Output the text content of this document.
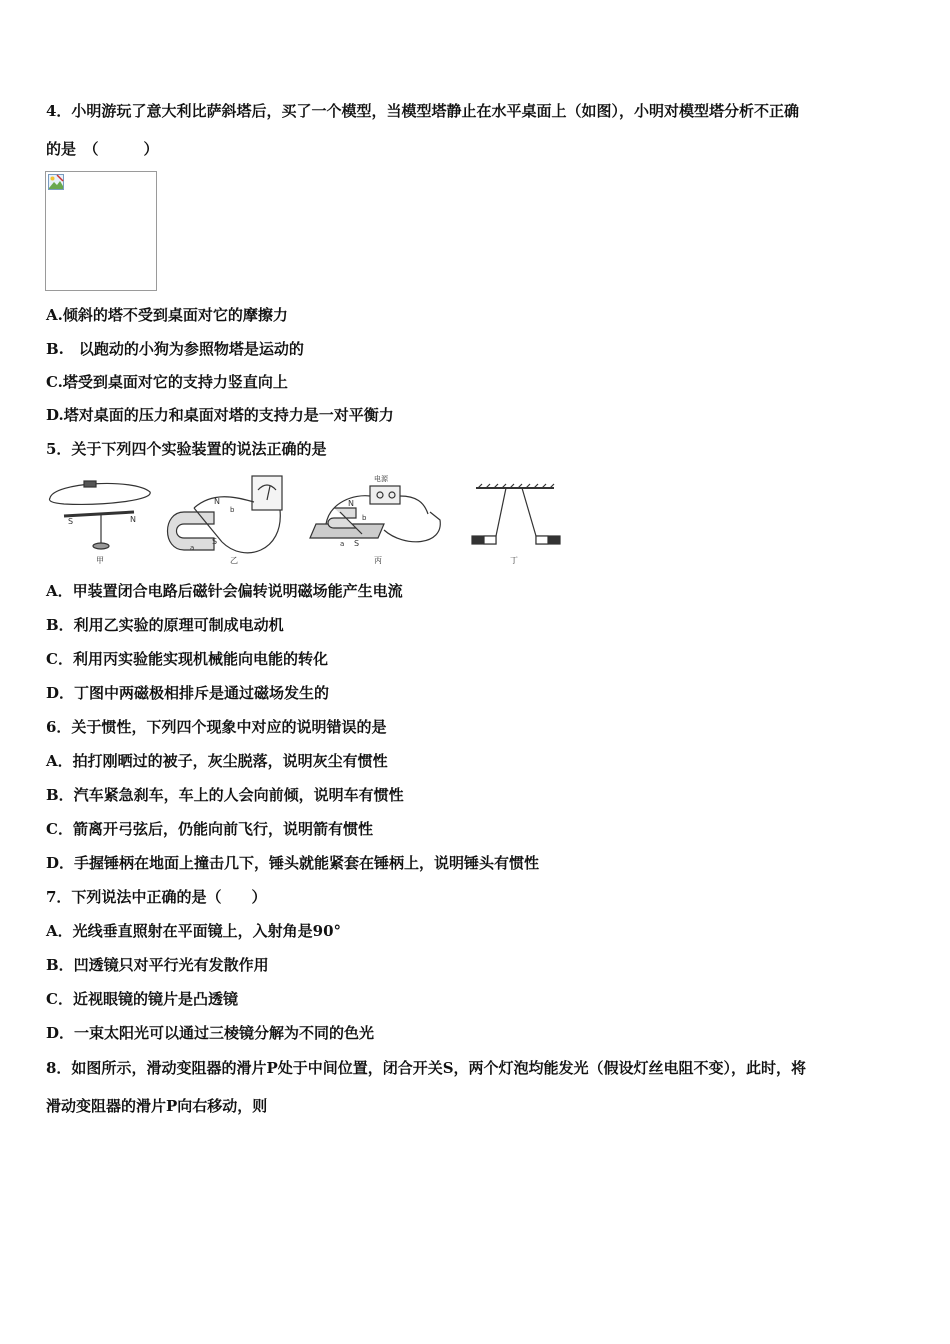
4．小明游玩了意大利比萨斜塔后，买了一个模型，当模型塔静止在水平桌面上（如图），小明对模型塔分析不正确
的是　（　　　）
A.倾斜的塔不受到桌面对它的摩擦力
B.　以跑动的小狗为参照物塔是运动的
C.塔受到桌面对它的支持力竖直向上
D.塔对桌面的压力和桌面对塔的支持力是一对平衡力
5．关于下列四个实验装置的说法正确的是
S	N
甲
N
S
b
a
乙
电源
N
S
b
a
丙	丁
A．甲装置闭合电路后磁针会偏转说明磁场能产生电流
B．利用乙实验的原理可制成电动机
C．利用丙实验能实现机械能向电能的转化
D．丁图中两磁极相排斥是通过磁场发生的
6．关于惯性，下列四个现象中对应的说明错误的是
A．拍打刚晒过的被子，灰尘脱落，说明灰尘有惯性
B．汽车紧急刹车，车上的人会向前倾，说明车有惯性
C．箭离开弓弦后，仍能向前飞行，说明箭有惯性
D．手握锤柄在地面上撞击几下，锤头就能紧套在锤柄上，说明锤头有惯性
7．下列说法中正确的是（　　）
A．光线垂直照射在平面镜上，入射角是90°
B．凹透镜只对平行光有发散作用
C．近视眼镜的镜片是凸透镜
D．一束太阳光可以通过三棱镜分解为不同的色光
8．如图所示，滑动变阻器的滑片P处于中间位置，闭合开关S，两个灯泡均能发光（假设灯丝电阻不变），此时，将
滑动变阻器的滑片P向右移动，则
